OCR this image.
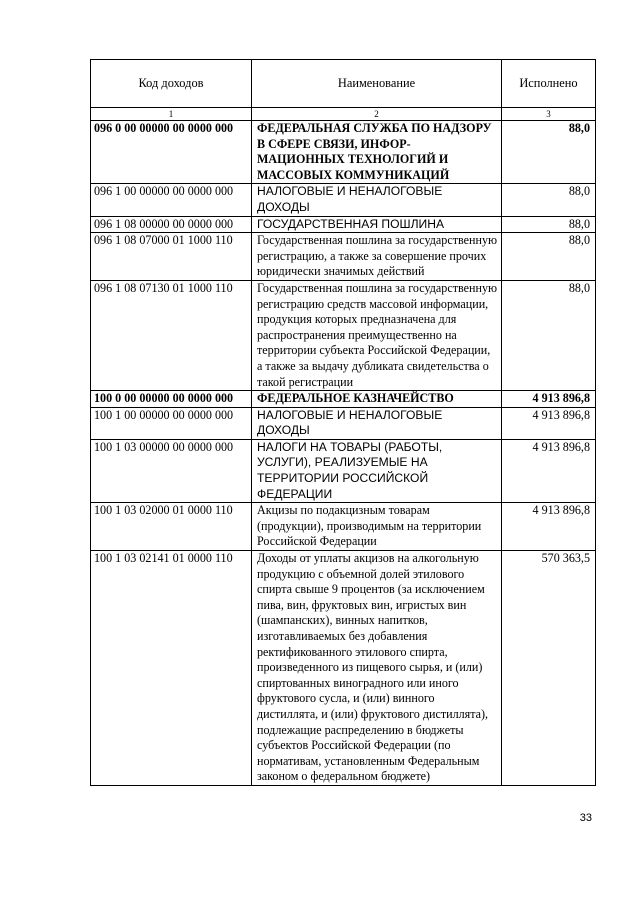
Код доходов	Наименование	Исполнено
1	2	3
096 0 00 00000 00 0000 000	ФЕДЕРАЛЬНАЯ СЛУЖБА ПО НАДЗОРУ В СФЕРЕ СВЯЗИ, ИНФОР-МАЦИОННЫХ ТЕХНОЛОГИЙ И МАССОВЫХ КОММУНИКАЦИЙ	88,0
096 1 00 00000 00 0000 000	НАЛОГОВЫЕ И НЕНАЛОГОВЫЕ ДОХОДЫ	88,0
096 1 08 00000 00 0000 000	ГОСУДАРСТВЕННАЯ ПОШЛИНА	88,0
096 1 08 07000 01 1000 110	Государственная пошлина за государственную регистрацию, а также за совершение прочих юридически значимых действий	88,0
096 1 08 07130 01 1000 110	Государственная пошлина за государственную регистрацию средств массовой информации, продукция которых предназначена для распространения преимущественно на территории субъекта Российской Федерации, а также за выдачу дубликата свидетельства о такой регистрации	88,0
100 0 00 00000 00 0000 000	ФЕДЕРАЛЬНОЕ КАЗНАЧЕЙСТВО	4 913 896,8
100 1 00 00000 00 0000 000	НАЛОГОВЫЕ И НЕНАЛОГОВЫЕ ДОХОДЫ	4 913 896,8
100 1 03 00000 00 0000 000	НАЛОГИ НА ТОВАРЫ (РАБОТЫ, УСЛУГИ), РЕАЛИЗУЕМЫЕ НА ТЕРРИТОРИИ РОССИЙСКОЙ ФЕДЕРАЦИИ	4 913 896,8
100 1 03 02000 01 0000 110	Акцизы по подакцизным товарам (продукции), производимым на территории Российской Федерации	4 913 896,8
100 1 03 02141 01 0000 110	Доходы от уплаты акцизов на алкогольную продукцию с объемной долей этилового спирта свыше 9 процентов (за исключением пива, вин, фруктовых вин, игристых вин (шампанских), винных напитков, изготавливаемых без добавления ректификованного этилового спирта, произведенного из пищевого сырья, и (или) спиртованных виноградного или иного фруктового сусла, и (или) винного дистиллята, и (или) фруктового дистиллята), подлежащие распределению в бюджеты субъектов Российской Федерации (по нормативам, установленным Федеральным законом о федеральном бюджете)	570 363,5
33
